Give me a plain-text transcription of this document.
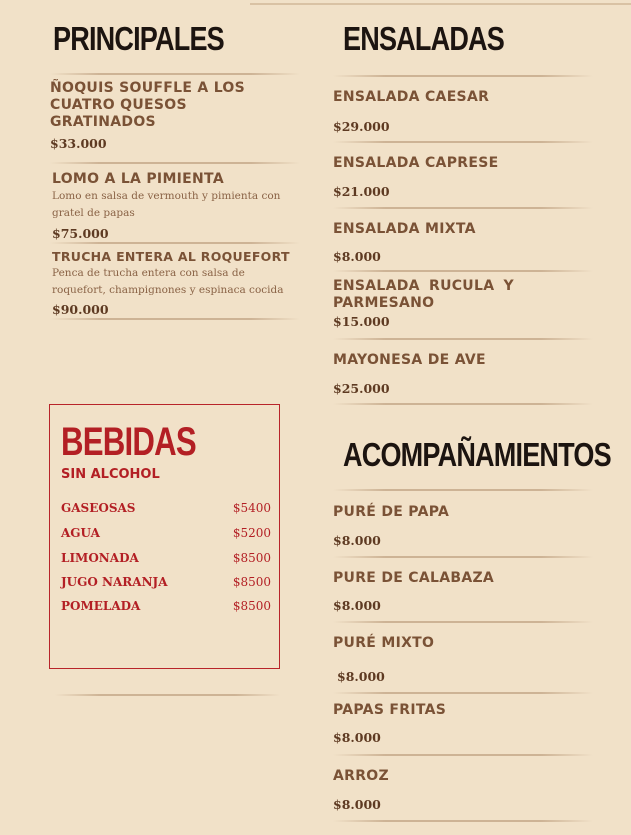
PRINCIPALES
ÑOQUIS SOUFFLE A LOS CUATRO QUESOS GRATINADOS
$33.000
LOMO A LA PIMIENTA
Lomo en salsa de vermouth y pimienta con gratel de papas
$75.000
TRUCHA ENTERA AL ROQUEFORT
Penca de trucha entera con salsa de roquefort, champignones y espinaca cocida
$90.000
ENSALADAS
ENSALADA CAESAR
$29.000
ENSALADA CAPRESE
$21.000
ENSALADA MIXTA
$8.000
ENSALADA RUCULA Y PARMESANO
$15.000
MAYONESA DE AVE
$25.000
BEBIDAS
SIN ALCOHOL
GASEOSAS	$5400
AGUA	$5200
LIMONADA	$8500
JUGO NARANJA	$8500
POMELADA	$8500
ACOMPAÑAMIENTOS
PURÉ DE PAPA
$8.000
PURE DE CALABAZA
$8.000
PURÉ MIXTO
$8.000
PAPAS FRITAS
$8.000
ARROZ
$8.000
